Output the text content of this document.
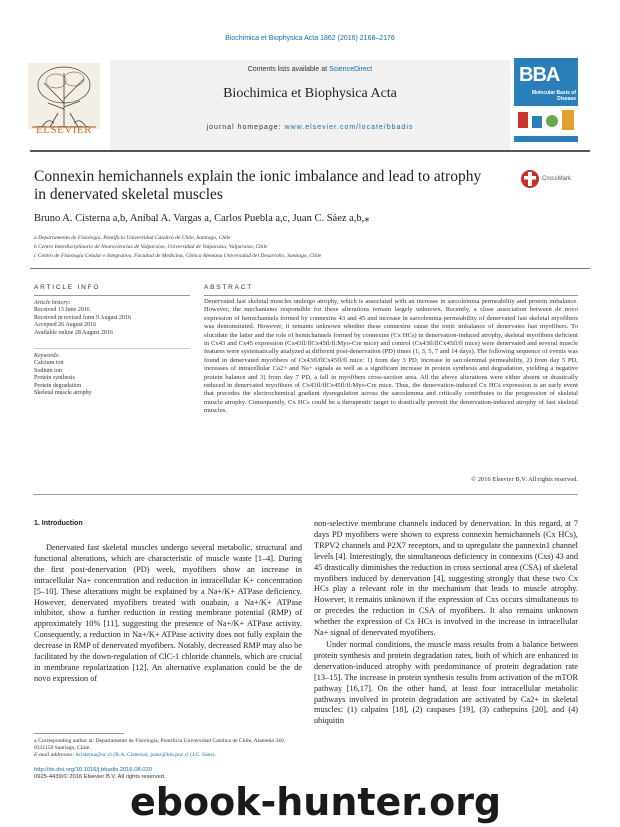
Biochimica et Biophysica Acta 1862 (2016) 2168–2176
ELSEVIER
Contents lists available at ScienceDirect
Biochimica et Biophysica Acta
journal homepage: www.elsevier.com/locate/bbadis
BBA
Molecular Basis of Disease
Connexin hemichannels explain the ionic imbalance and lead to atrophy in denervated skeletal muscles
CrossMark
Bruno A. Cisterna a,b, Aníbal A. Vargas a, Carlos Puebla a,c, Juan C. Sáez a,b,⁎
a Departamento de Fisiología, Pontificia Universidad Católica de Chile, Santiago, Chile
b Centro Interdisciplinario de Neurociencias de Valparaíso, Universidad de Valparaíso, Valparaíso, Chile
c Centro de Fisiología Celular e Integrativa, Facultad de Medicina, Clínica Alemana Universidad del Desarrollo, Santiago, Chile
ARTICLE INFO
Article history:
Received 13 June 2016
Received in revised form 9 August 2016
Accepted 26 August 2016
Available online 28 August 2016
Keywords:
Calcium ion
Sodium ion
Protein synthesis
Protein degradation
Skeletal muscle atrophy
ABSTRACT
Denervated fast skeletal muscles undergo atrophy, which is associated with an increase in sarcolemma permeability and protein imbalance. However, the mechanisms responsible for these alterations remain largely unknown. Recently, a close association between de novo expression of hemichannels formed by connexins 43 and 45 and increase in sarcolemma permeability of denervated fast skeletal myofibers was demonstrated. However, it remains unknown whether these connexins cause the ionic imbalance of denervates fast myofibers. To elucidate the latter and the role of hemichannels formed by connexins (Cx HCs) in denervation-induced atrophy, skeletal myofibers deficient in Cx43 and Cx45 expression (Cx43fl/flCx45fl/fl:Myo-Cre mice) and control (Cx43fl/flCx45fl/fl mice) were denervated and several muscle features were systematically analyzed at different post-denervation (PD) times (1, 3, 5, 7 and 14 days). The following sequence of events was found in denervated myofibers of Cx43fl/flCx45fl/fl mice: 1) from day 3 PD, increase in sarcolemmal permeability, 2) from day 5 PD, increases of intracellular Ca2+ and Na+ signals as well as a significant increase in protein synthesis and degradation, yielding a negative protein balance and 3) from day 7 PD, a fall in myofibers cross-section area. All the above alterations were either absent or drastically reduced in denervated myofibers of Cx43fl/flCx45fl/fl:Myo-Cre mice. Thus, the denervation-induced Cx HCs expression is an early event that precedes the electrochemical gradient dysregulation across the sarcolemma and critically contributes to the progression of skeletal muscle atrophy. Consequently, Cx HCs could be a therapeutic target to drastically prevent the denervation-induced atrophy of fast skeletal muscles.
© 2016 Elsevier B.V. All rights reserved.
1. Introduction

Denervated fast skeletal muscles undergo several metabolic, structural and functional alterations, which are characteristic of muscle waste [1–4]. During the first post-denervation (PD) week, myofibers show an increase in intracellular Na+ concentration and reduction in intracellular K+ concentration [5–10]. These alterations might be explained by a Na+/K+ ATPase deficiency. However, denervated myofibers treated with ouabain, a Na+/K+ ATPase inhibitor, show a further reduction in resting membrane potential (RMP) of approximately 10% [11], suggesting the presence of Na+/K+ ATPase activity. Consequently, a reduction in Na+/K+ ATPase activity does not fully explain the decrease in RMP of denervated myofibers. Notably, decreased RMP may also be facilitated by the down-regulation of ClC-1 chloride channels, which are crucial in membrane repolarization [12]. An alternative explanation could be the de novo expression of

non-selective membrane channels induced by denervation. In this regard, at 7 days PD myofibers were shown to express connexin hemichannels (Cx HCs), TRPV2 channels and P2X7 receptors, and to upregulate the pannexin1 channel levels [4]. Interestingly, the simultaneous deficiency in connexins (Cxs) 43 and 45 drastically diminishes the reduction in cross sectional area (CSA) of skeletal myofibers induced by denervation [4], suggesting strongly that these two Cx HCs play a relevant role in the mechanism that leads to muscle atrophy. However, it remains unknown if the expression of Cxs occurs simultaneous to or precedes the reduction in CSA of myofibers. It also remains unknown whether the expression of Cx HCs is involved in the increase in intracellular Na+ signal of denervated myofibers.

Under normal conditions, the muscle mass results from a balance between protein synthesis and protein degradation rates, both of which are enhanced in denervation-induced atrophy with predominance of protein degradation rate [13–15]. The increase in protein synthesis results from activation of the mTOR pathway [16,17]. On the other hand, at least four intracellular metabolic pathways involved in protein degradation are activated by Ca2+ in skeletal muscles: (1) calpains [18], (2) caspases [19], (3) cathepsins [20], and (4) ubiquitin

⁎ Corresponding author at: Departamento de Fisiología, Pontificia Universidad Católica de Chile, Alameda 340, 8331150 Santiago, Chile.
E-mail addresses: bcisterna@uc.cl (B.A. Cisterna), jsaez@bio.puc.cl (J.C. Sáez).
http://dx.doi.org/10.1016/j.bbadis.2016.08.020
0925-4439/© 2016 Elsevier B.V. All rights reserved.
ebook-hunter.org
